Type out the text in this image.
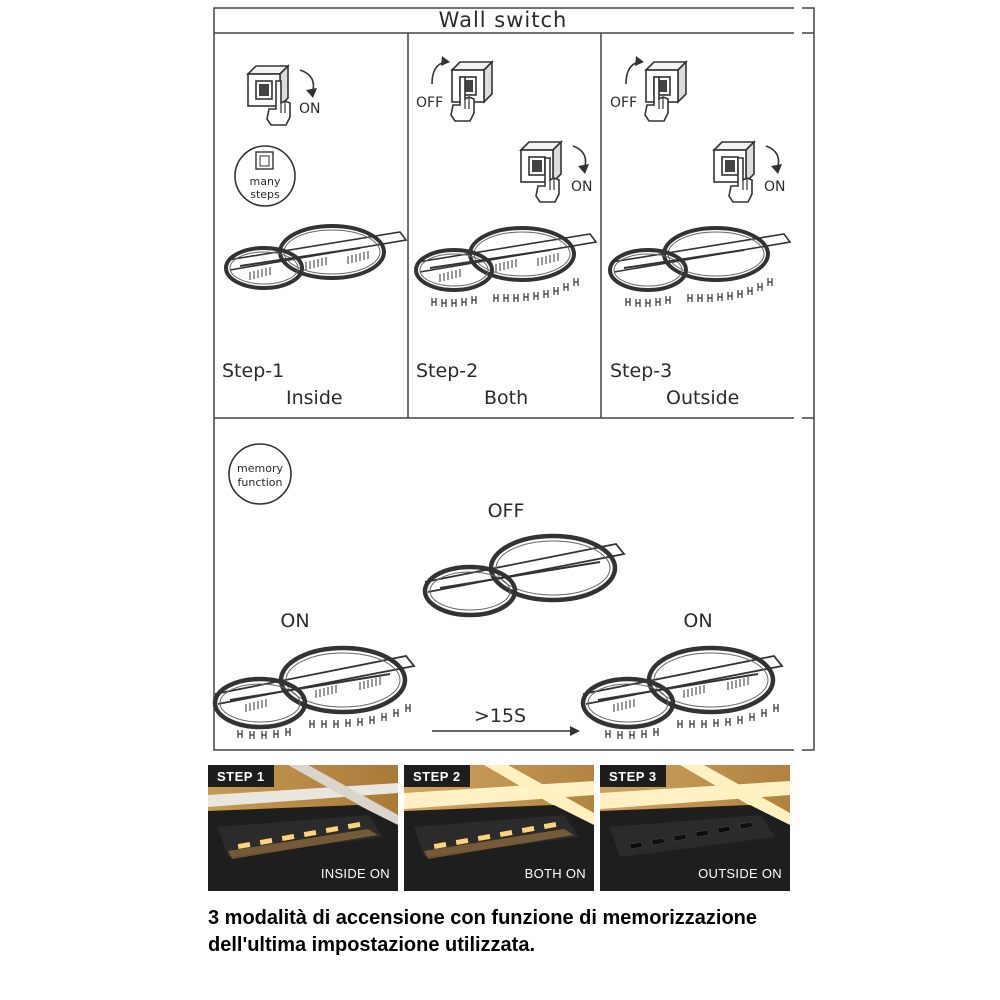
Wall switch
ON
many
steps
Step-1
Inside
OFF
ON
Step-2
Both
OFF
ON
Step-3
Outside
memory
function
OFF
ON	ON
>15S
STEP 1
INSIDE ON
STEP 2
BOTH ON
STEP 3
OUTSIDE ON

3 modalità di accensione con funzione di memorizzazione dell'ultima impostazione utilizzata.
